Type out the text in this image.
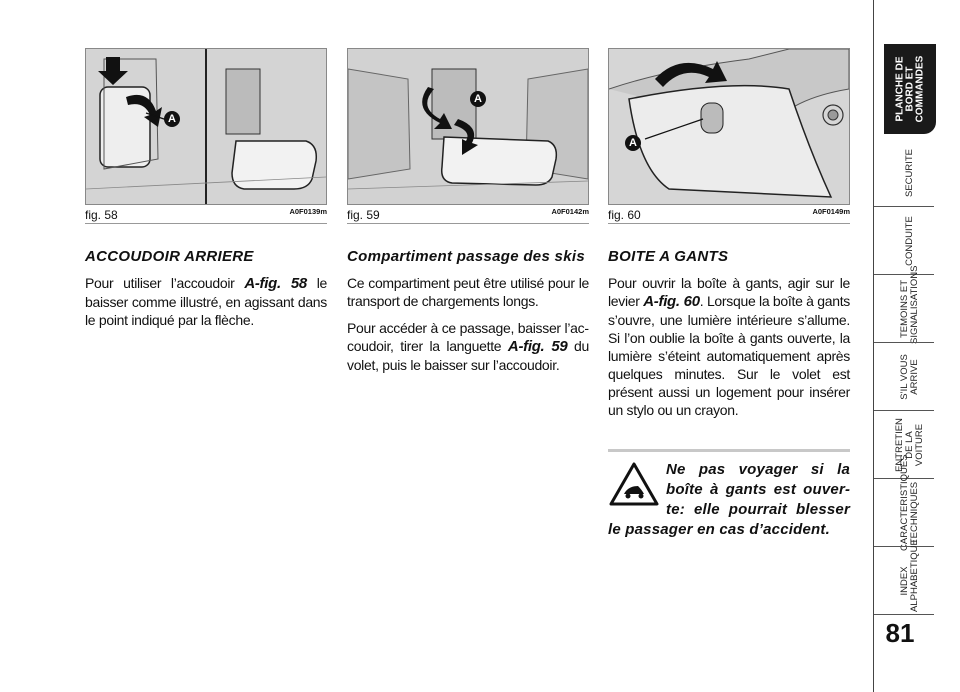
A
fig. 58	A0F0139m
ACCOUDOIR ARRIERE

Pour utiliser l’accoudoir A-fig. 58 le baisser comme illustré, en agissant dans le point indiqué par la flèche.

A
fig. 59	A0F0142m
Compartiment passage des skis

Ce compartiment peut être utilisé pour le transport de chargements longs.

Pour accéder à ce passage, baisser l’accoudoir, tirer la languette A-fig. 59 du volet, puis le baisser sur l’accoudoir.

A
fig. 60	A0F0149m
BOITE A GANTS

Pour ouvrir la boîte à gants, agir sur le levier A-fig. 60. Lorsque la boîte à gants s’ouvre, une lumière intérieure s’allume. Si l’on oublie la boîte à gants ouverte, la lumière s’éteint automatiquement après quelques minutes. Sur le volet est présent aussi un logement pour insérer un stylo ou un crayon.

Ne pas voyager si la boîte à gants est ouverte: elle pourrait blesser le passager en cas d’accident.

PLANCHE DE BORD ET COMMANDES
SECURITE
CONDUITE
TEMOINS ET SIGNALISATIONS
S’IL VOUS ARRIVE
ENTRETIEN DE LA VOITURE
CARACTERISTIQUES TECHNIQUES
INDEX ALPHABETIQUE
81
